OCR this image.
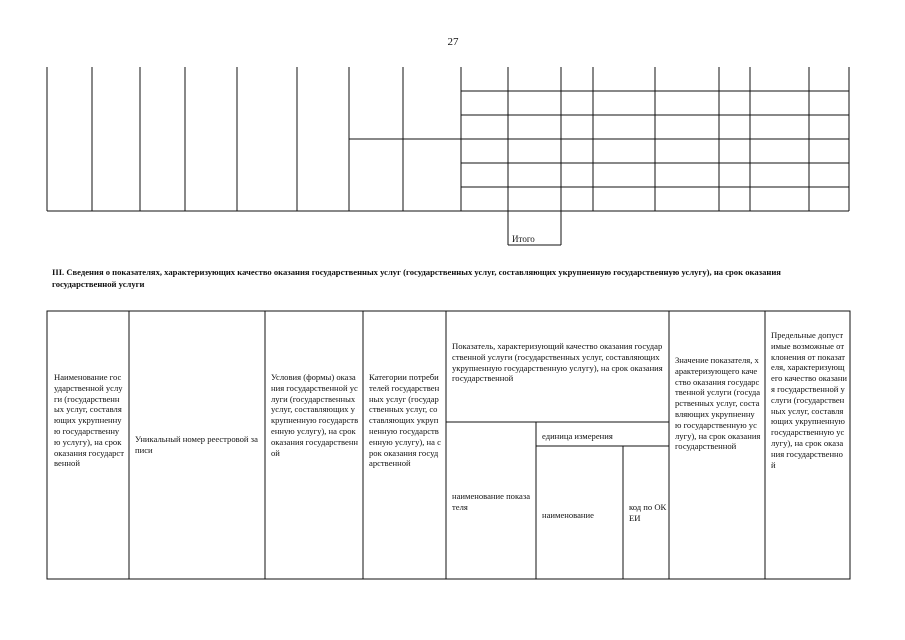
27
Итого
III. Сведения о показателях, характеризующих качество оказания государственных услуг (государственных услуг, составляющих укрупненную государственную услугу), на срок оказания государственной услуги
Наименование государственной услуги (государственных услуг, составляющих укрупненную государственную услугу), на срок оказания государственной
Уникальный номер реестровой записи
Условия (формы) оказания государственной услуги (государственных услуг, составляющих укрупненную государственную услугу), на срок оказания государственной
Категории потребителей государственных услуг (государственных услуг, составляющих укрупненную государственную услугу), на срок оказания государственной
Показатель, характеризующий качество оказания государственной услуги (государственных услуг, составляющих укрупненную государственную услугу), на срок оказания государственной
наименование показателя
единица измерения
наименование
код по ОКЕИ
Значение показателя, характеризующего качество оказания государственной услуги (государственных услуг, составляющих укрупненную государственную услугу), на срок оказания государственной
Предельные допустимые возможные отклонения от показателя, характеризующего качество оказания государственной услуги (государственных услуг, составляющих укрупненную государственную услугу), на срок оказания государственной
